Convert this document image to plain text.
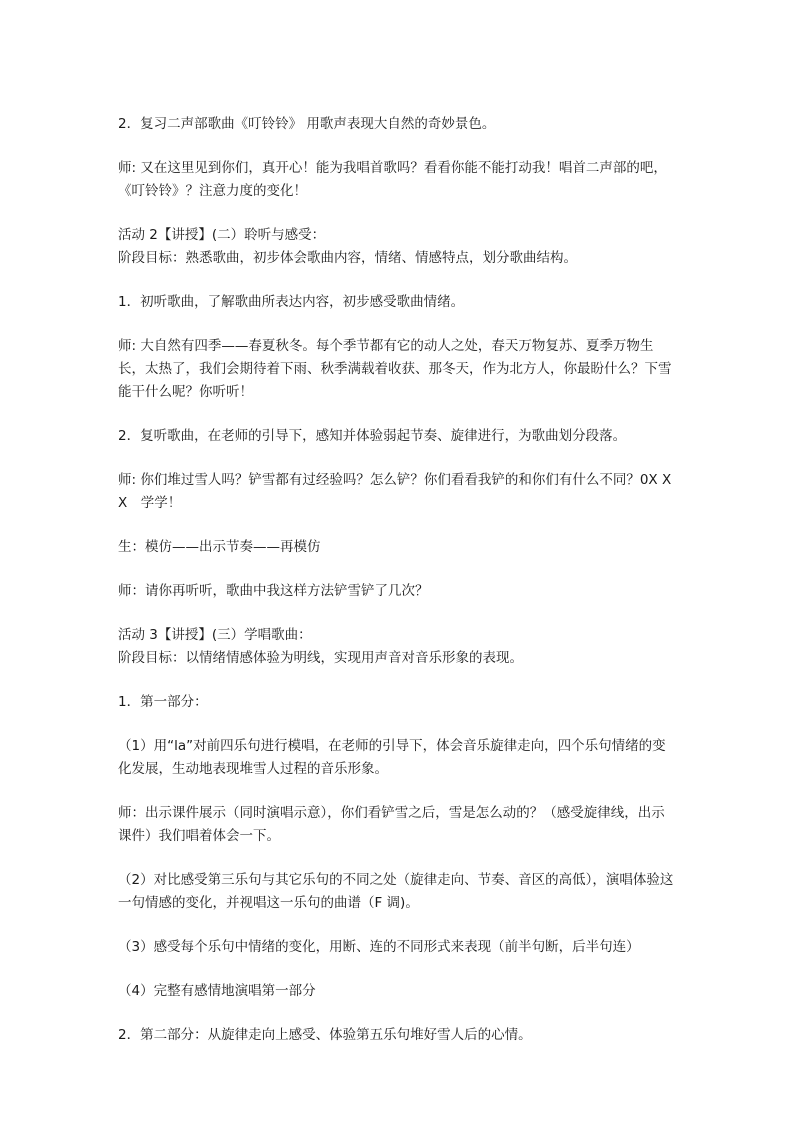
2．复习二声部歌曲《叮铃铃》 用歌声表现大自然的奇妙景色。

师: 又在这里见到你们，真开心！能为我唱首歌吗？看看你能不能打动我！唱首二声部的吧，《叮铃铃》？注意力度的变化！

活动 2【讲授】(二）聆听与感受：

阶段目标：熟悉歌曲，初步体会歌曲内容，情绪、情感特点，划分歌曲结构。

1．初听歌曲，了解歌曲所表达内容，初步感受歌曲情绪。

师: 大自然有四季——春夏秋冬。每个季节都有它的动人之处，春天万物复苏、夏季万物生长，太热了，我们会期待着下雨、秋季满载着收获、那冬天，作为北方人，你最盼什么？下雪能干什么呢？你听听！

2．复听歌曲，在老师的引导下，感知并体验弱起节奏、旋律进行，为歌曲划分段落。

师: 你们堆过雪人吗？铲雪都有过经验吗？怎么铲？你们看看我铲的和你们有什么不同？0X XX　学学！

生：模仿——出示节奏——再模仿

师：请你再听听，歌曲中我这样方法铲雪铲了几次？

活动 3【讲授】(三）学唱歌曲：

阶段目标：以情绪情感体验为明线，实现用声音对音乐形象的表现。

1．第一部分：

（1）用“la”对前四乐句进行模唱，在老师的引导下，体会音乐旋律走向，四个乐句情绪的变化发展，生动地表现堆雪人过程的音乐形象。

师：出示课件展示（同时演唱示意），你们看铲雪之后，雪是怎么动的？（感受旋律线，出示课件）我们唱着体会一下。

（2）对比感受第三乐句与其它乐句的不同之处（旋律走向、节奏、音区的高低），演唱体验这一句情感的变化，并视唱这一乐句的曲谱（F 调)。

（3）感受每个乐句中情绪的变化，用断、连的不同形式来表现（前半句断，后半句连）

（4）完整有感情地演唱第一部分

2．第二部分：从旋律走向上感受、体验第五乐句堆好雪人后的心情。
